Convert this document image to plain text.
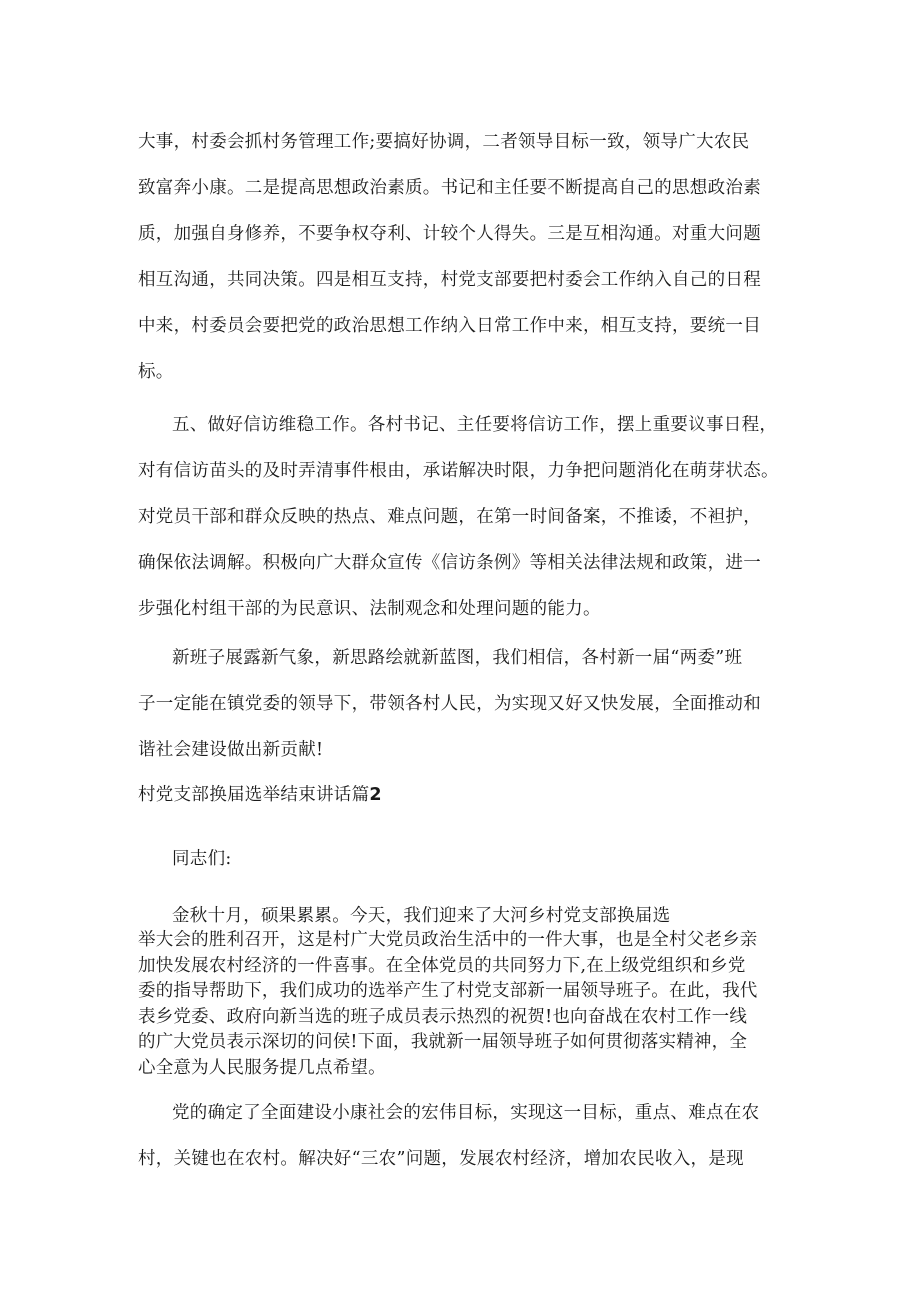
大事，村委会抓村务管理工作;要搞好协调，二者领导目标一致，领导广大农民
致富奔小康。二是提高思想政治素质。书记和主任要不断提高自己的思想政治素
质，加强自身修养，不要争权夺利、计较个人得失。三是互相沟通。对重大问题
相互沟通，共同决策。四是相互支持，村党支部要把村委会工作纳入自己的日程
中来，村委员会要把党的政治思想工作纳入日常工作中来，相互支持，要统一目
标。
五、做好信访维稳工作。各村书记、主任要将信访工作，摆上重要议事日程，
对有信访苗头的及时弄清事件根由，承诺解决时限，力争把问题消化在萌芽状态。
对党员干部和群众反映的热点、难点问题，在第一时间备案，不推诿，不袒护，
确保依法调解。积极向广大群众宣传《信访条例》等相关法律法规和政策，进一
步强化村组干部的为民意识、法制观念和处理问题的能力。
新班子展露新气象，新思路绘就新蓝图，我们相信，各村新一届“两委”班
子一定能在镇党委的领导下，带领各村人民，为实现又好又快发展，全面推动和
谐社会建设做出新贡献!
村党支部换届选举结束讲话篇2
同志们:
金秋十月，硕果累累。今天，我们迎来了大河乡村党支部换届选
举大会的胜利召开，这是村广大党员政治生活中的一件大事，也是全村父老乡亲
加快发展农村经济的一件喜事。在全体党员的共同努力下,在上级党组织和乡党
委的指导帮助下，我们成功的选举产生了村党支部新一届领导班子。在此，我代
表乡党委、政府向新当选的班子成员表示热烈的祝贺!也向奋战在农村工作一线
的广大党员表示深切的问侯!下面，我就新一届领导班子如何贯彻落实精神，全
心全意为人民服务提几点希望。
党的确定了全面建设小康社会的宏伟目标，实现这一目标，重点、难点在农
村，关键也在农村。解决好“三农”问题，发展农村经济，增加农民收入，是现
